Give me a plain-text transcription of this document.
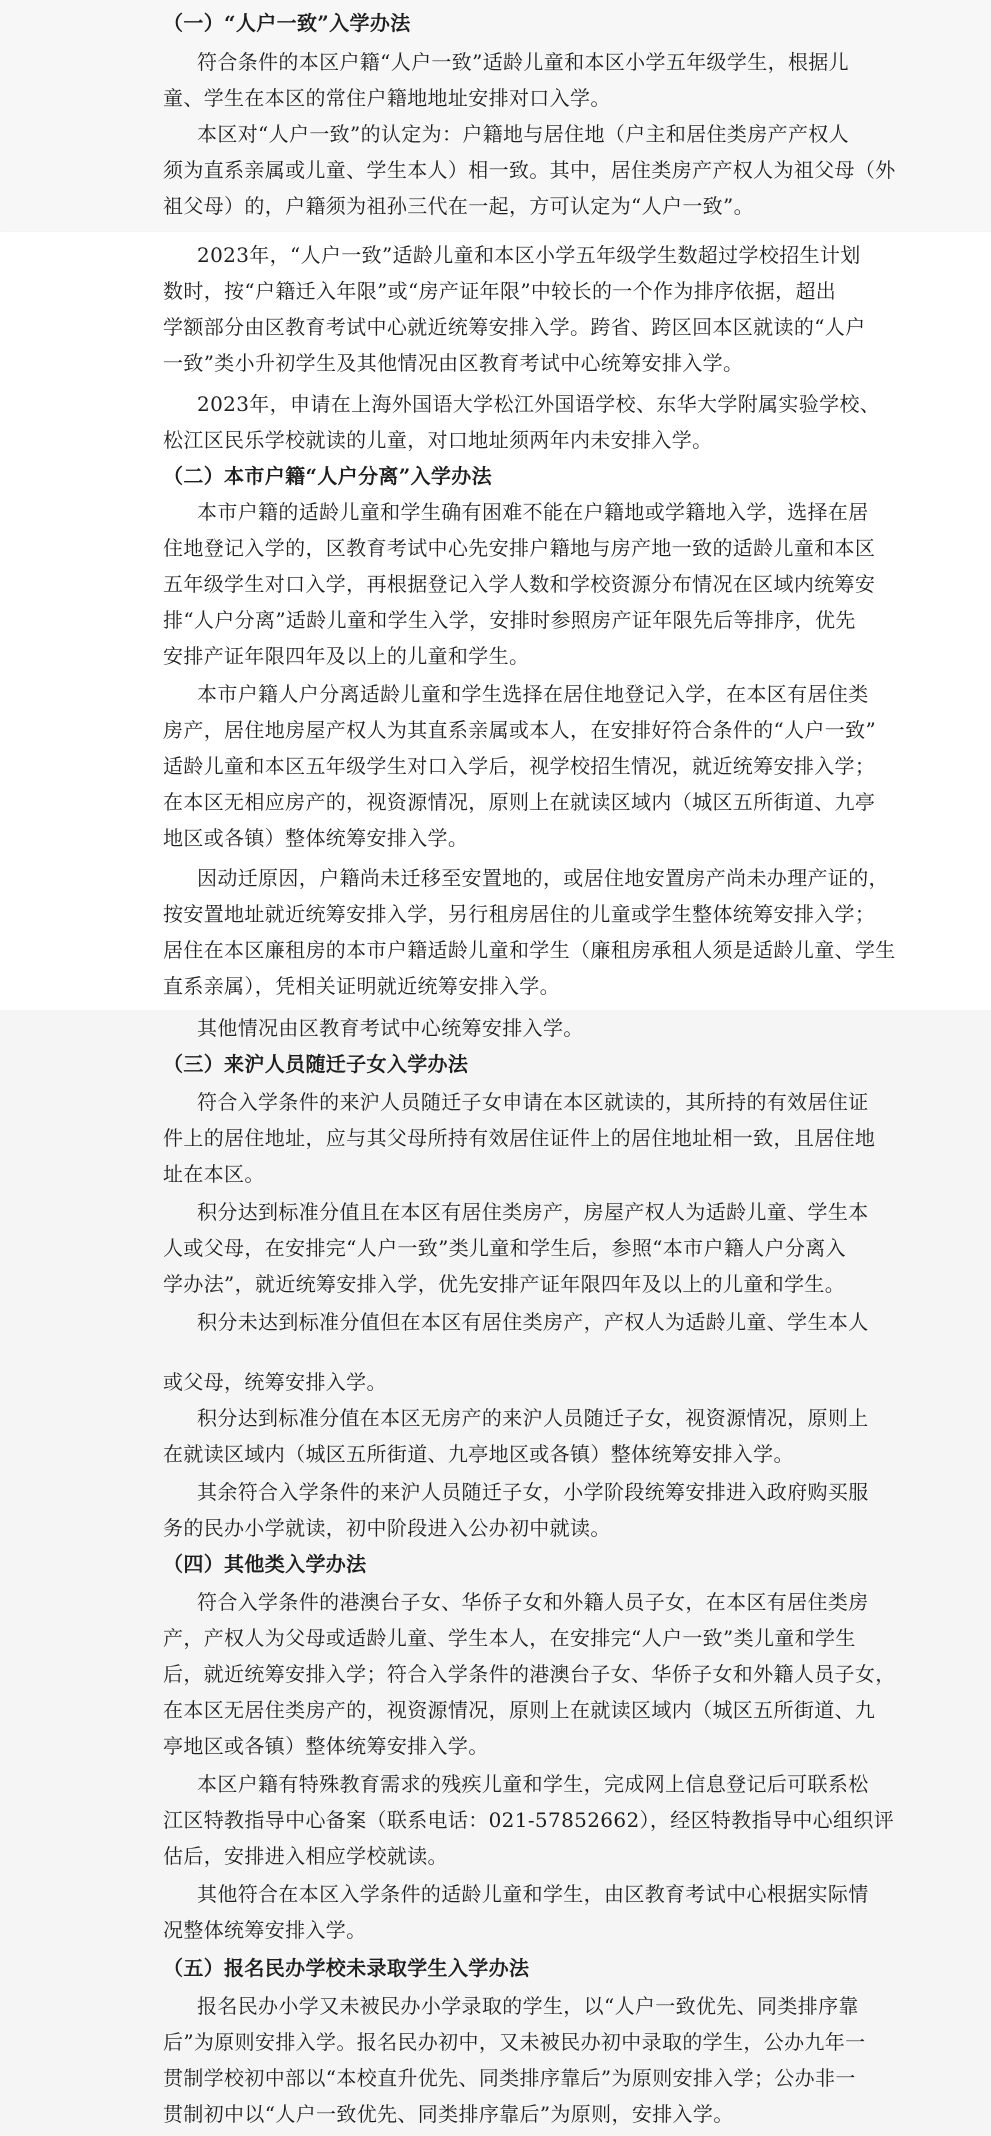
（一）“人户一致”入学办法

符合条件的本区户籍“人户一致”适龄儿童和本区小学五年级学生，根据儿

童、学生在本区的常住户籍地地址安排对口入学。

本区对“人户一致”的认定为：户籍地与居住地（户主和居住类房产产权人

须为直系亲属或儿童、学生本人）相一致。其中，居住类房产产权人为祖父母（外

祖父母）的，户籍须为祖孙三代在一起，方可认定为“人户一致”。

2023年，“人户一致”适龄儿童和本区小学五年级学生数超过学校招生计划

数时，按“户籍迁入年限”或“房产证年限”中较长的一个作为排序依据，超出

学额部分由区教育考试中心就近统筹安排入学。跨省、跨区回本区就读的“人户

一致”类小升初学生及其他情况由区教育考试中心统筹安排入学。

2023年，申请在上海外国语大学松江外国语学校、东华大学附属实验学校、

松江区民乐学校就读的儿童，对口地址须两年内未安排入学。

（二）本市户籍“人户分离”入学办法

本市户籍的适龄儿童和学生确有困难不能在户籍地或学籍地入学，选择在居

住地登记入学的，区教育考试中心先安排户籍地与房产地一致的适龄儿童和本区

五年级学生对口入学，再根据登记入学人数和学校资源分布情况在区域内统筹安

排“人户分离”适龄儿童和学生入学，安排时参照房产证年限先后等排序，优先

安排产证年限四年及以上的儿童和学生。

本市户籍人户分离适龄儿童和学生选择在居住地登记入学，在本区有居住类

房产，居住地房屋产权人为其直系亲属或本人，在安排好符合条件的“人户一致”

适龄儿童和本区五年级学生对口入学后，视学校招生情况，就近统筹安排入学；

在本区无相应房产的，视资源情况，原则上在就读区域内（城区五所街道、九亭

地区或各镇）整体统筹安排入学。

因动迁原因，户籍尚未迁移至安置地的，或居住地安置房产尚未办理产证的，

按安置地址就近统筹安排入学，另行租房居住的儿童或学生整体统筹安排入学；

居住在本区廉租房的本市户籍适龄儿童和学生（廉租房承租人须是适龄儿童、学生

直系亲属），凭相关证明就近统筹安排入学。

其他情况由区教育考试中心统筹安排入学。

（三）来沪人员随迁子女入学办法

符合入学条件的来沪人员随迁子女申请在本区就读的，其所持的有效居住证

件上的居住地址，应与其父母所持有效居住证件上的居住地址相一致，且居住地

址在本区。

积分达到标准分值且在本区有居住类房产，房屋产权人为适龄儿童、学生本

人或父母，在安排完“人户一致”类儿童和学生后，参照“本市户籍人户分离入

学办法”，就近统筹安排入学，优先安排产证年限四年及以上的儿童和学生。

积分未达到标准分值但在本区有居住类房产，产权人为适龄儿童、学生本人

或父母，统筹安排入学。

积分达到标准分值在本区无房产的来沪人员随迁子女，视资源情况，原则上

在就读区域内（城区五所街道、九亭地区或各镇）整体统筹安排入学。

其余符合入学条件的来沪人员随迁子女，小学阶段统筹安排进入政府购买服

务的民办小学就读，初中阶段进入公办初中就读。

（四）其他类入学办法

符合入学条件的港澳台子女、华侨子女和外籍人员子女，在本区有居住类房

产，产权人为父母或适龄儿童、学生本人，在安排完“人户一致”类儿童和学生

后，就近统筹安排入学；符合入学条件的港澳台子女、华侨子女和外籍人员子女，

在本区无居住类房产的，视资源情况，原则上在就读区域内（城区五所街道、九

亭地区或各镇）整体统筹安排入学。

本区户籍有特殊教育需求的残疾儿童和学生，完成网上信息登记后可联系松

江区特教指导中心备案（联系电话：021-57852662），经区特教指导中心组织评

估后，安排进入相应学校就读。

其他符合在本区入学条件的适龄儿童和学生，由区教育考试中心根据实际情

况整体统筹安排入学。

（五）报名民办学校未录取学生入学办法

报名民办小学又未被民办小学录取的学生，以“人户一致优先、同类排序靠

后”为原则安排入学。报名民办初中，又未被民办初中录取的学生，公办九年一

贯制学校初中部以“本校直升优先、同类排序靠后”为原则安排入学；公办非一

贯制初中以“人户一致优先、同类排序靠后”为原则，安排入学。
